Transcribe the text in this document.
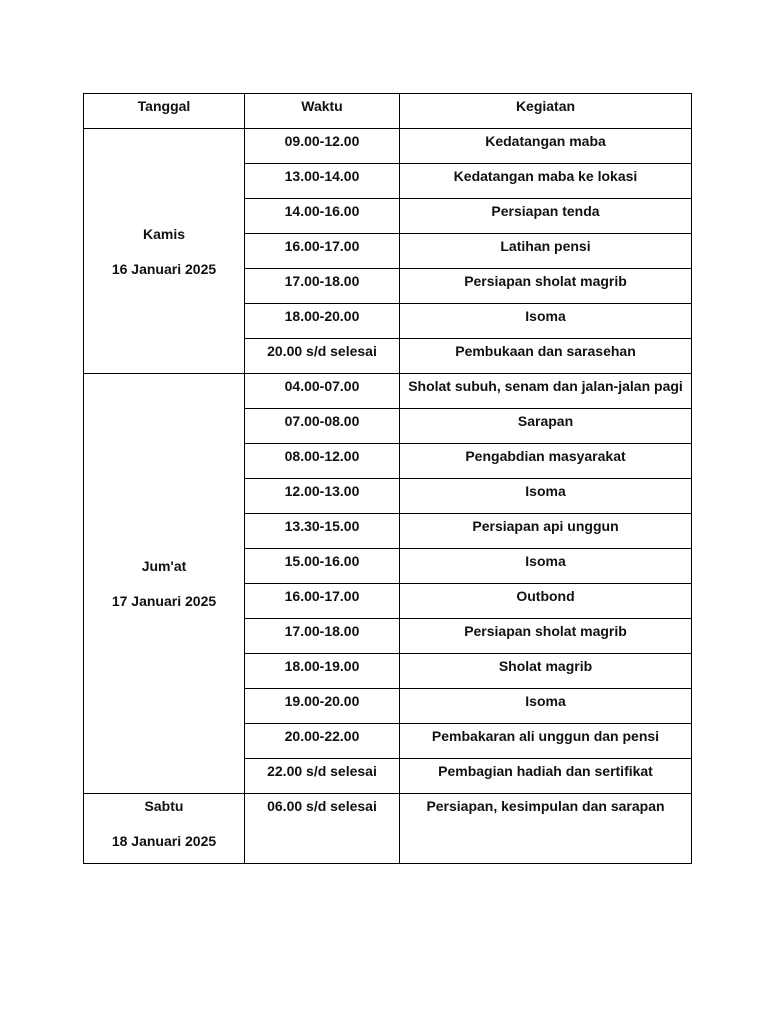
Tanggal	Waktu	Kegiatan

Kamis
16 Januari 2025	09.00-12.00	Kedatangan maba
	13.00-14.00	Kedatangan maba ke lokasi
	14.00-16.00	Persiapan tenda
	16.00-17.00	Latihan pensi
	17.00-18.00	Persiapan sholat magrib
	18.00-20.00	Isoma
	20.00 s/d selesai	Pembukaan dan sarasehan

Jum'at
17 Januari 2025	04.00-07.00	Sholat subuh, senam dan jalan-jalan pagi
	07.00-08.00	Sarapan
	08.00-12.00	Pengabdian masyarakat
	12.00-13.00	Isoma
	13.30-15.00	Persiapan api unggun
	15.00-16.00	Isoma
	16.00-17.00	Outbond
	17.00-18.00	Persiapan sholat magrib
	18.00-19.00	Sholat magrib
	19.00-20.00	Isoma
	20.00-22.00	Pembakaran ali unggun dan pensi
	22.00 s/d selesai	Pembagian hadiah dan sertifikat

Sabtu
18 Januari 2025	06.00 s/d selesai	Persiapan, kesimpulan dan sarapan
